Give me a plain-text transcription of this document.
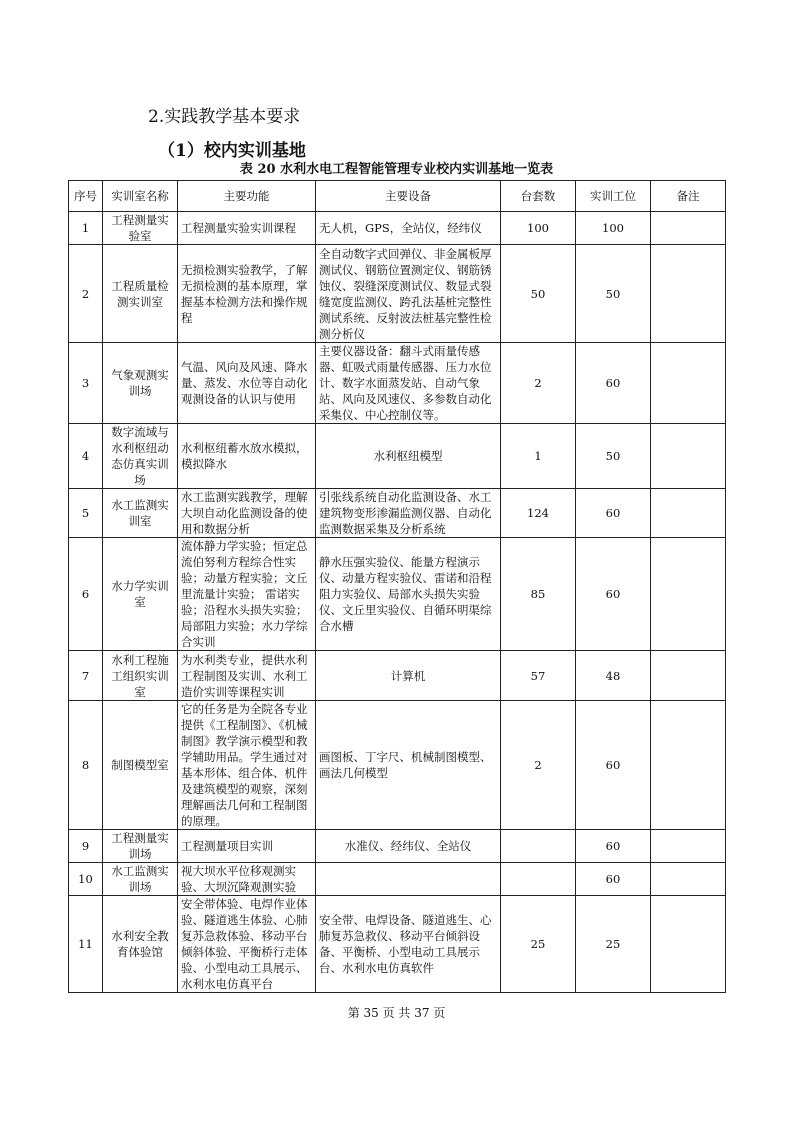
2.实践教学基本要求
（1）校内实训基地
表 20 水利水电工程智能管理专业校内实训基地一览表
序号	实训室名称	主要功能	主要设备	台套数	实训工位	备注
1	工程测量实验室	工程测量实验实训课程	无人机，GPS，全站仪，经纬仪	100	100	
2	工程质量检测实训室	无损检测实验教学，了解无损检测的基本原理，掌握基本检测方法和操作规程	全自动数字式回弹仪、非金属板厚测试仪、钢筋位置测定仪、钢筋锈蚀仪、裂缝深度测试仪、数显式裂缝宽度监测仪、跨孔法基桩完整性测试系统、反射波法桩基完整性检测分析仪	50	50	
3	气象观测实训场	气温、风向及风速、降水量、蒸发、水位等自动化观测设备的认识与使用	主要仪器设备：翻斗式雨量传感器、虹吸式雨量传感器、压力水位计、数字水面蒸发站、自动气象站、风向及风速仪、多参数自动化采集仪、中心控制仪等。	2	60	
4	数字流域与水利枢纽动态仿真实训场	水利枢纽蓄水放水模拟，模拟降水	水利枢纽模型	1	50	
5	水工监测实训室	水工监测实践教学，理解大坝自动化监测设备的使用和数据分析	引张线系统自动化监测设备、水工建筑物变形渗漏监测仪器、自动化监测数据采集及分析系统	124	60	
6	水力学实训室	流体静力学实验；恒定总流伯努利方程综合性实验；动量方程实验；文丘里流量计实验； 雷诺实验；沿程水头损失实验；局部阻力实验；水力学综合实训	静水压强实验仪、能量方程演示仪、动量方程实验仪、雷诺和沿程阻力实验仪、局部水头损失实验仪、文丘里实验仪、自循环明渠综合水槽	85	60	
7	水利工程施工组织实训室	为水利类专业，提供水利工程制图及实训、水利工造价实训等课程实训	计算机	57	48	
8	制图模型室	它的任务是为全院各专业提供《工程制图》、《机械制图》教学演示模型和教学辅助用品。学生通过对基本形体、组合体、机件及建筑模型的观察，深刻理解画法几何和工程制图的原理。	画图板、丁字尺、机械制图模型、画法几何模型	2	60	
9	工程测量实训场	工程测量项目实训	水准仪、经纬仪、全站仪		60	
10	水工监测实训场	视大坝水平位移观测实验、大坝沉降观测实验			60	
11	水利安全教育体验馆	安全带体验、电焊作业体验、隧道逃生体验、心肺复苏急救体验、移动平台倾斜体验、平衡桥行走体验、小型电动工具展示、水利水电仿真平台	安全带、电焊设备、隧道逃生、心肺复苏急救仪、移动平台倾斜设备、平衡桥、小型电动工具展示台、水利水电仿真软件	25	25	
第 35 页 共 37 页
